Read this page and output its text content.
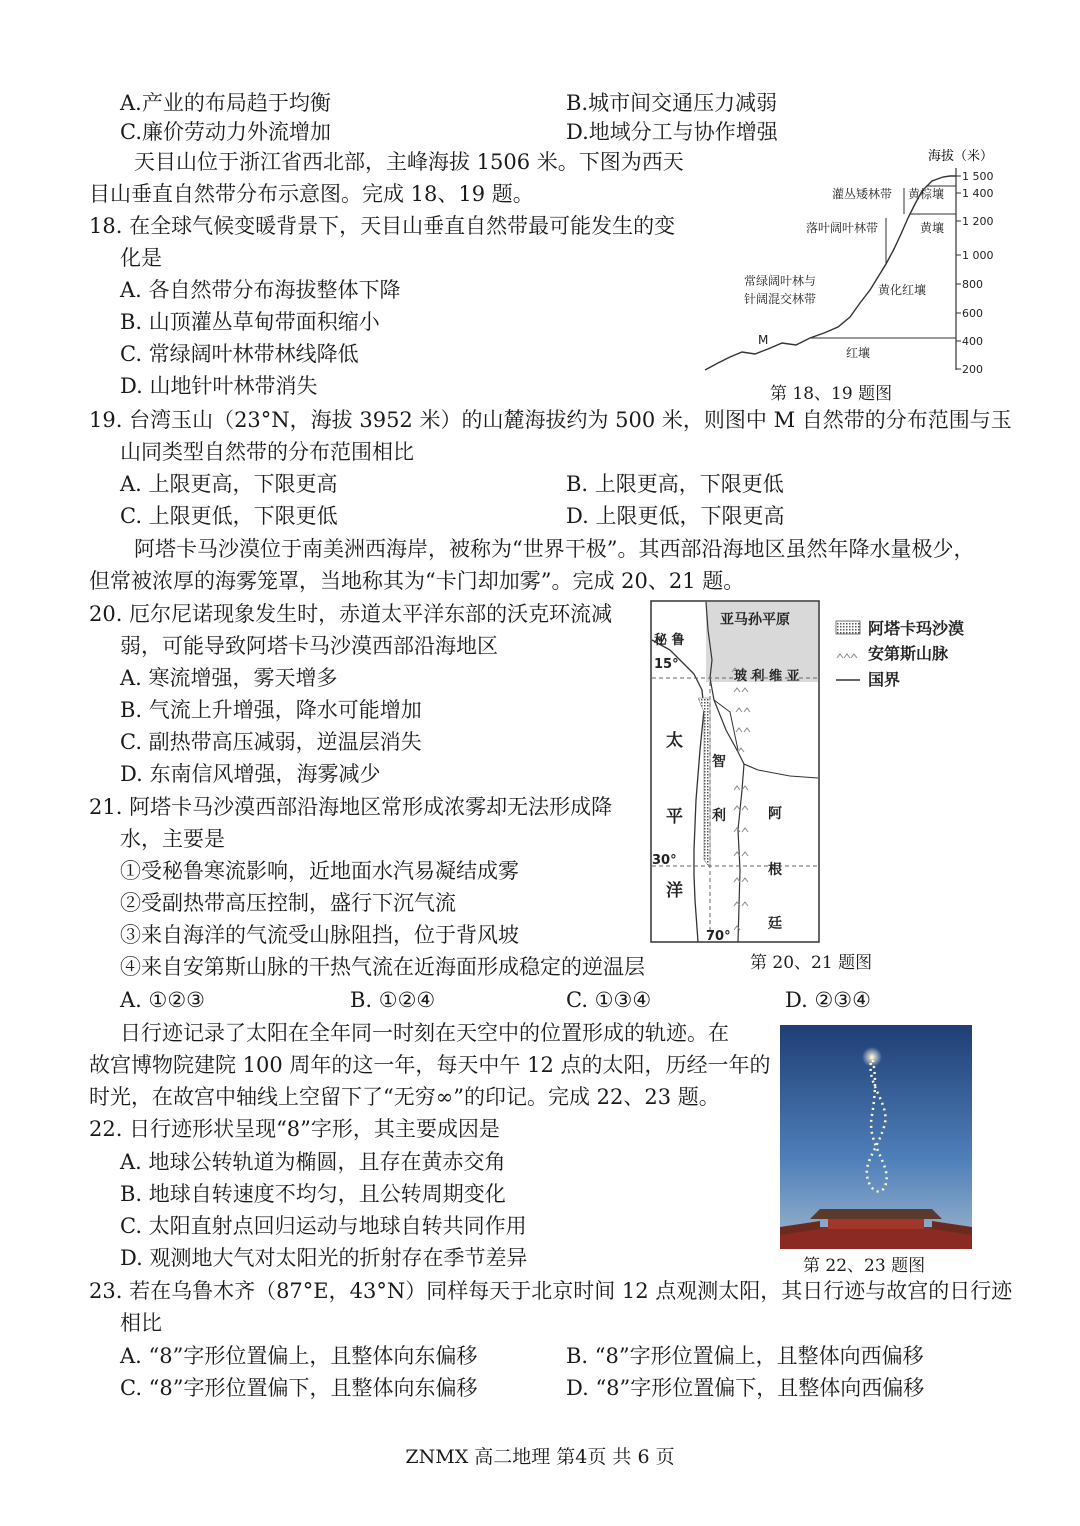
A.产业的布局趋于均衡	B.城市间交通压力减弱
C.廉价劳动力外流增加	D.地域分工与协作增强
天目山位于浙江省西北部，主峰海拔 1506 米。下图为西天
目山垂直自然带分布示意图。完成 18、19 题。
18. 在全球气候变暖背景下，天目山垂直自然带最可能发生的变
化是
A. 各自然带分布海拔整体下降
B. 山顶灌丛草甸带面积缩小
C. 常绿阔叶林带林线降低
D. 山地针叶林带消失
海拔（米）
1 500
1 400
1 200
1 000
800
600
400
200
灌丛矮林带 黄棕壤
落叶阔叶林带	黄壤
常绿阔叶林与
针阔混交林带
黄化红壤
M
红壤
第 18、19 题图
19. 台湾玉山（23°N，海拔 3952 米）的山麓海拔约为 500 米，则图中 M 自然带的分布范围与玉
山同类型自然带的分布范围相比
A. 上限更高，下限更高	B. 上限更高，下限更低
C. 上限更低，下限更低	D. 上限更低，下限更高
阿塔卡马沙漠位于南美洲西海岸，被称为“世界干极”。其西部沿海地区虽然年降水量极少，
但常被浓厚的海雾笼罩，当地称其为“卡门却加雾”。完成 20、21 题。
20. 厄尔尼诺现象发生时，赤道太平洋东部的沃克环流减
弱，可能导致阿塔卡马沙漠西部沿海地区
A. 寒流增强，雾天增多
B. 气流上升增强，降水可能增加
C. 副热带高压减弱，逆温层消失
D. 东南信风增强，海雾减少
21. 阿塔卡马沙漠西部沿海地区常形成浓雾却无法形成降
水，主要是
①受秘鲁寒流影响，近地面水汽易凝结成雾
②受副热带高压控制，盛行下沉气流
③来自海洋的气流受山脉阻挡，位于背风坡
④来自安第斯山脉的干热气流在近海面形成稳定的逆温层
A. ①②③	B. ①②④	C. ①③④	D. ②③④
亚马孙平原
秘 鲁
15°
玻 利 维 亚
太
平
洋
智
利	阿
根
廷
30°
70°
阿塔卡玛沙漠
安第斯山脉
国界
第 20、21 题图
日行迹记录了太阳在全年同一时刻在天空中的位置形成的轨迹。在
故宫博物院建院 100 周年的这一年，每天中午 12 点的太阳，历经一年的
时光，在故宫中轴线上空留下了“无穷∞”的印记。完成 22、23 题。
22. 日行迹形状呈现“8”字形，其主要成因是
A. 地球公转轨道为椭圆，且存在黄赤交角
B. 地球自转速度不均匀，且公转周期变化
C. 太阳直射点回归运动与地球自转共同作用
D. 观测地大气对太阳光的折射存在季节差异	第 22、23 题图
23. 若在乌鲁木齐（87°E，43°N）同样每天于北京时间 12 点观测太阳，其日行迹与故宫的日行迹
相比
A. “8”字形位置偏上，且整体向东偏移	B. “8”字形位置偏上，且整体向西偏移
C. “8”字形位置偏下，且整体向东偏移	D. “8”字形位置偏下，且整体向西偏移
ZNMX 高二地理 第4页 共 6 页
